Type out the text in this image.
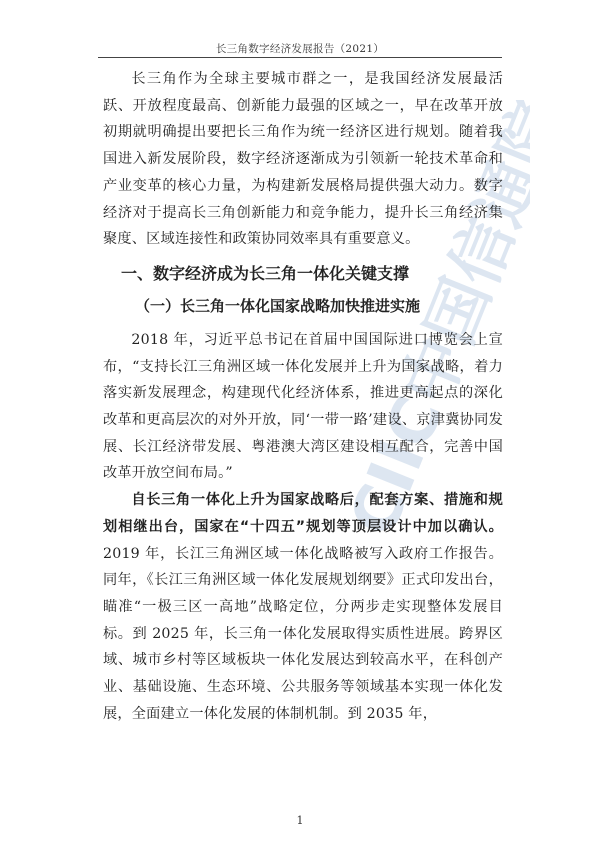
长三角数字经济发展报告（2021）
CIIC中国信通院

长三角作为全球主要城市群之一，是我国经济发展最活跃、开放程度最高、创新能力最强的区域之一，早在改革开放初期就明确提出要把长三角作为统一经济区进行规划。随着我国进入新发展阶段，数字经济逐渐成为引领新一轮技术革命和产业变革的核心力量，为构建新发展格局提供强大动力。数字经济对于提高长三角创新能力和竞争能力，提升长三角经济集聚度、区域连接性和政策协同效率具有重要意义。

一、数字经济成为长三角一体化关键支撑
（一）长三角一体化国家战略加快推进实施

2018 年，习近平总书记在首届中国国际进口博览会上宣布，“支持长江三角洲区域一体化发展并上升为国家战略，着力落实新发展理念，构建现代化经济体系，推进更高起点的深化改革和更高层次的对外开放，同‘一带一路’建设、京津冀协同发展、长江经济带发展、粤港澳大湾区建设相互配合，完善中国改革开放空间布局。”

自长三角一体化上升为国家战略后，配套方案、措施和规划相继出台，国家在“十四五”规划等顶层设计中加以确认。2019 年，长江三角洲区域一体化战略被写入政府工作报告。同年，《长江三角洲区域一体化发展规划纲要》正式印发出台，瞄准“一极三区一高地”战略定位，分两步走实现整体发展目标。到 2025 年，长三角一体化发展取得实质性进展。跨界区域、城市乡村等区域板块一体化发展达到较高水平，在科创产业、基础设施、生态环境、公共服务等领域基本实现一体化发展，全面建立一体化发展的体制机制。到 2035 年，

1
